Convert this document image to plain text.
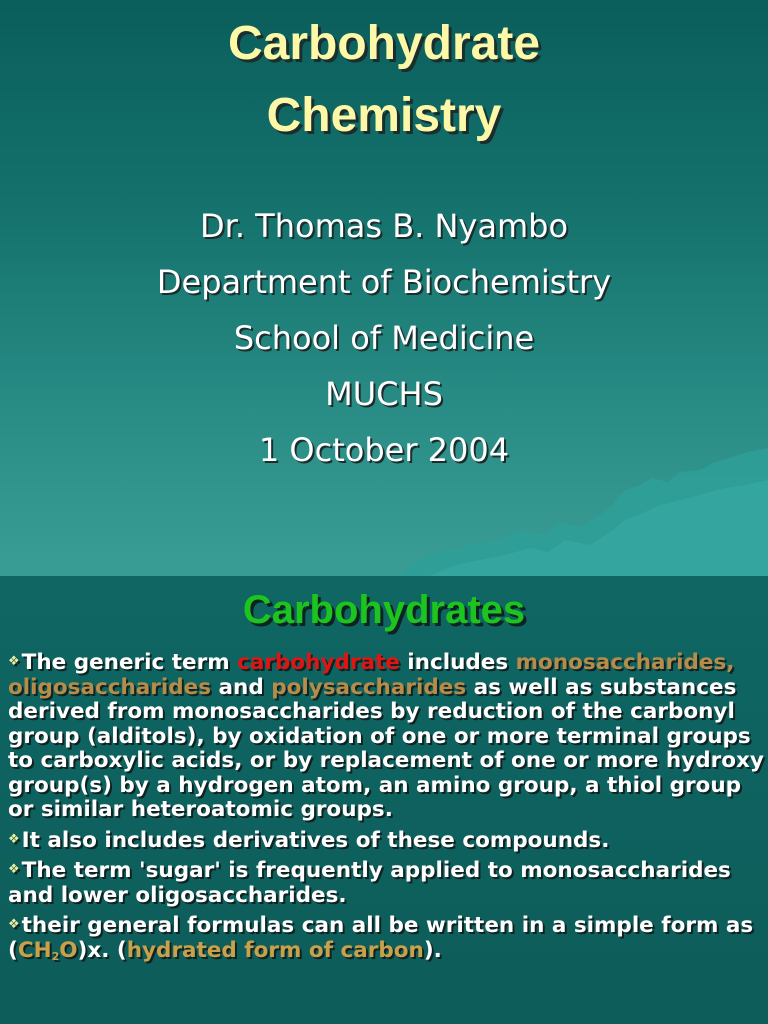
Carbohydrate
Chemistry
Dr. Thomas B. Nyambo
Department of Biochemistry
School of Medicine
MUCHS
1 October 2004
Carbohydrates

❖The generic term carbohydrate includes monosaccharides, oligosaccharides and polysaccharides as well as substances derived from monosaccharides by reduction of the carbonyl group (alditols), by oxidation of one or more terminal groups to carboxylic acids, or by replacement of one or more hydroxy group(s) by a hydrogen atom, an amino group, a thiol group or similar heteroatomic groups.

❖It also includes derivatives of these compounds.

❖The term 'sugar' is frequently applied to monosaccharides and lower oligosaccharides.

❖their general formulas can all be written in a simple form as $(CH_2O)x$. (hydrated form of carbon).
